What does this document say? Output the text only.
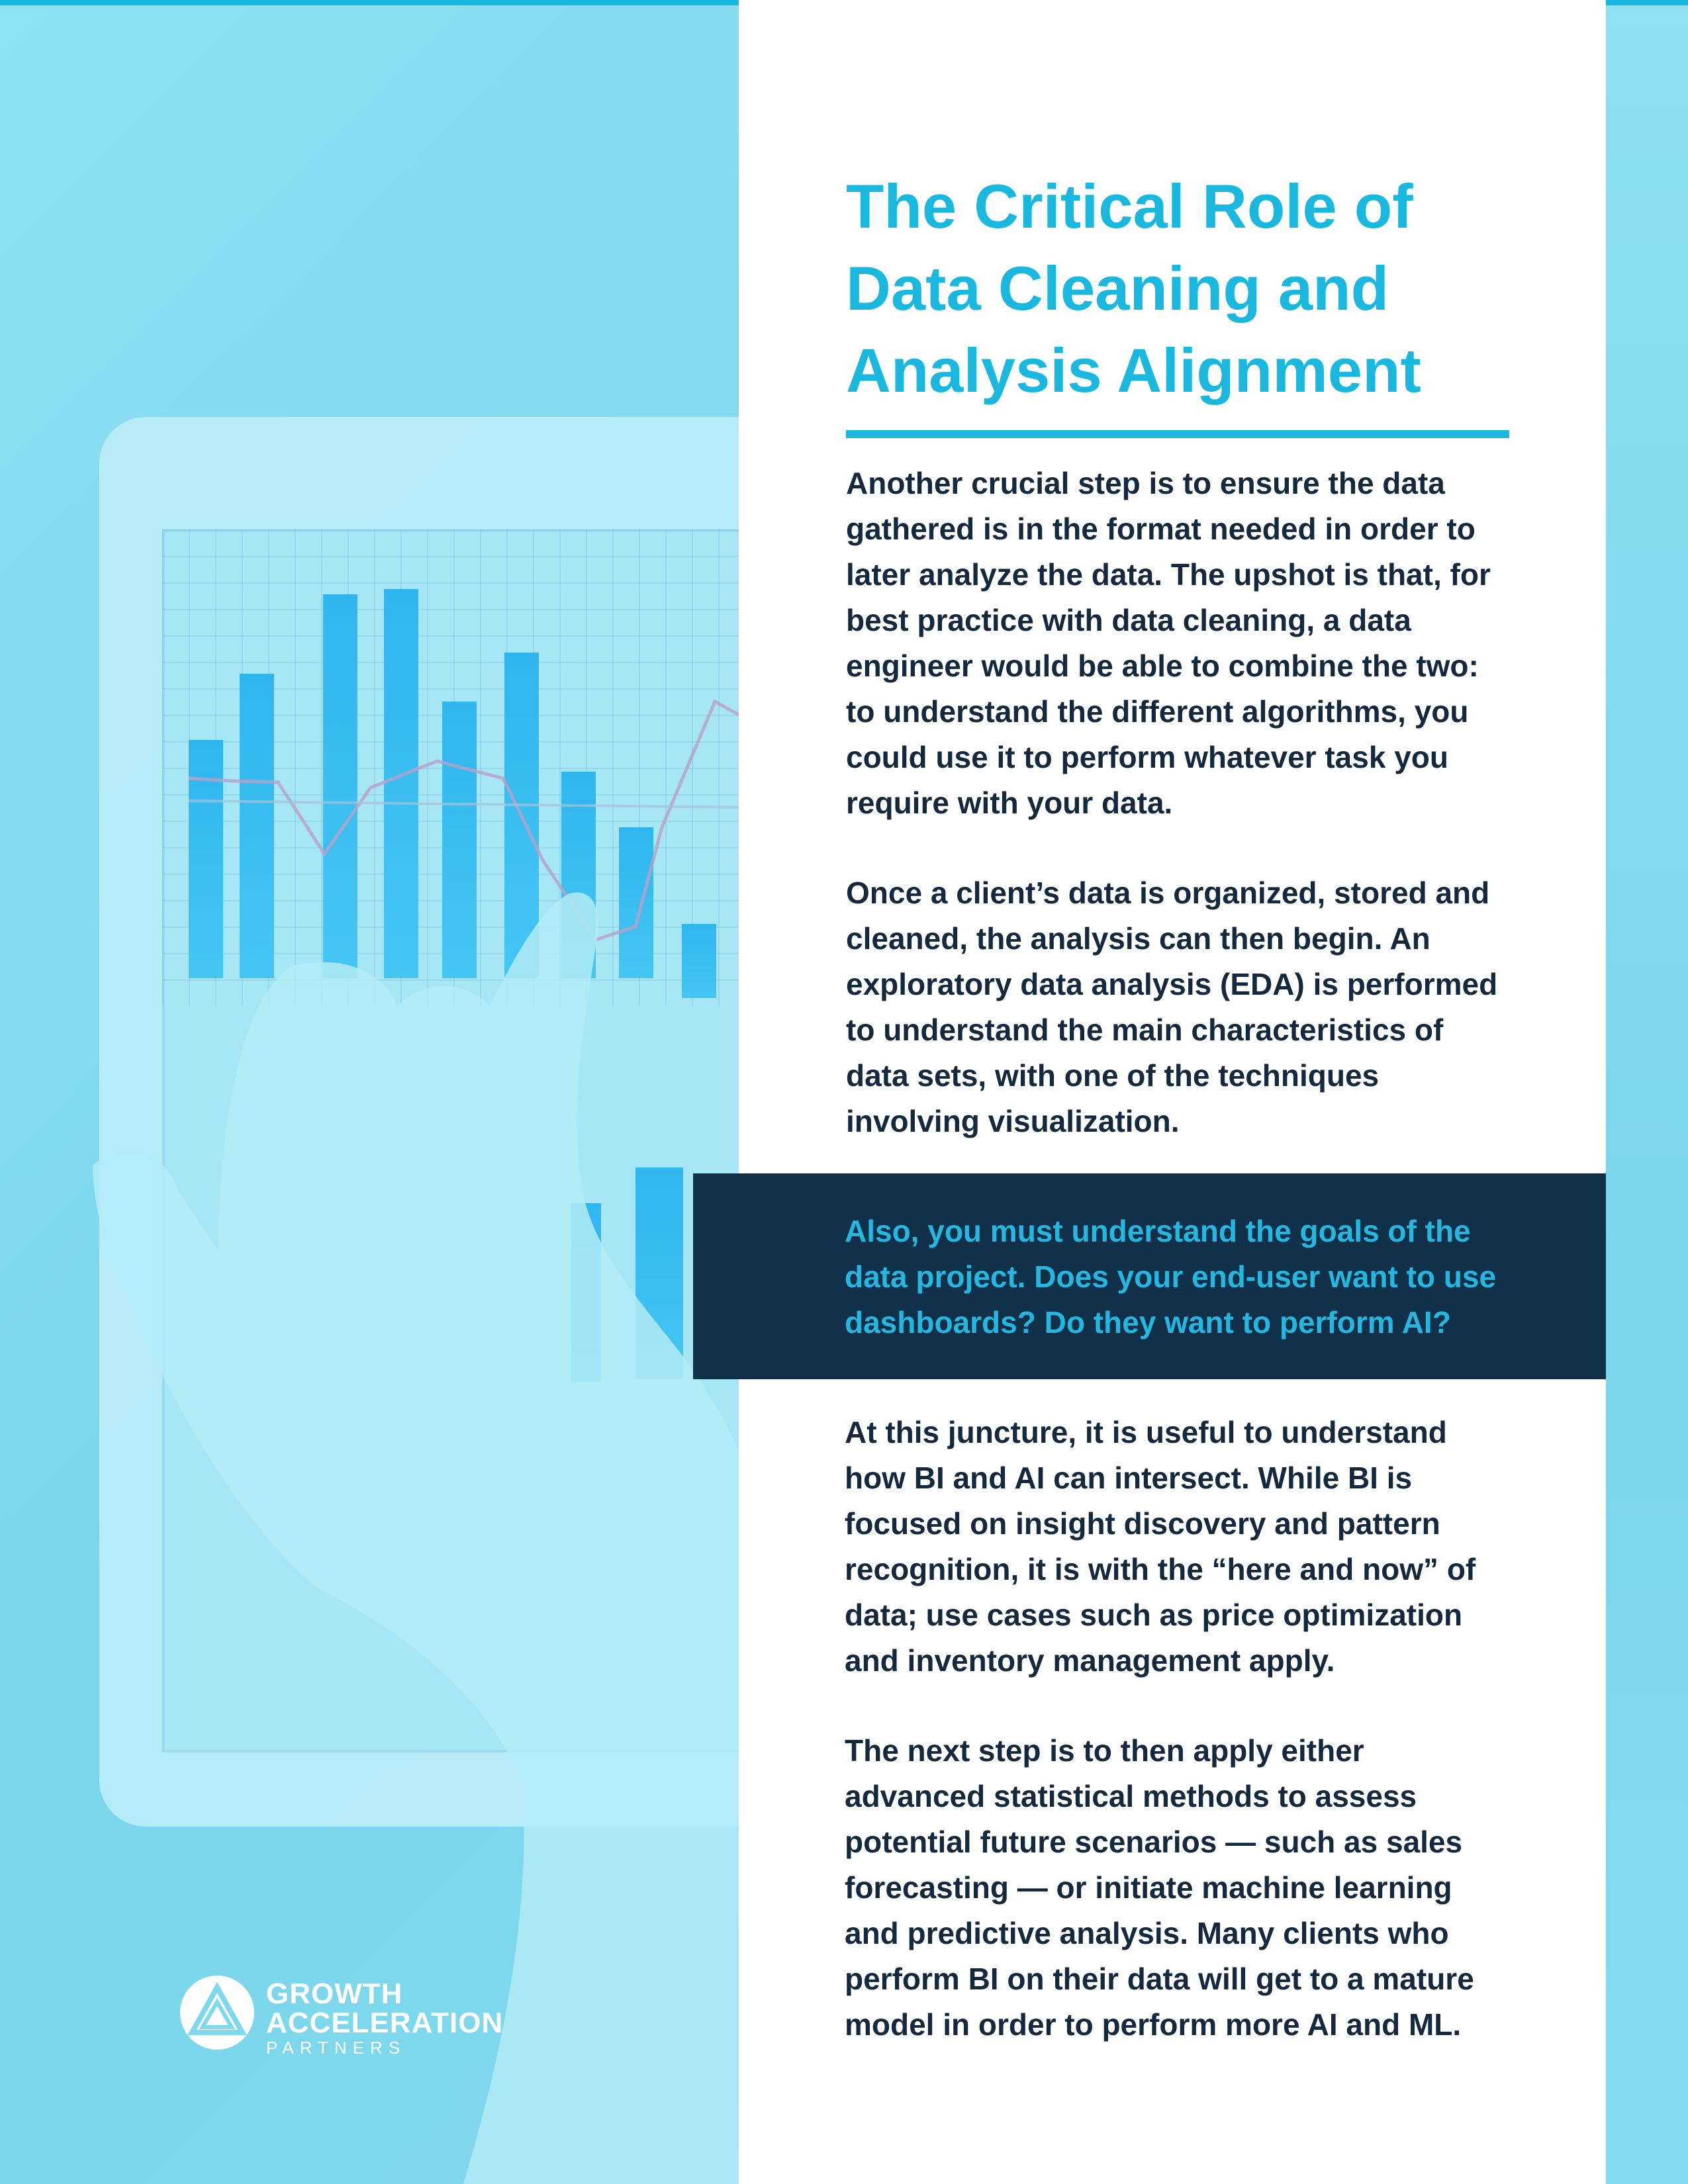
GROWTH
ACCELERATION
PARTNERS
The Critical Role of
Data Cleaning and
Analysis Alignment
Another crucial step is to ensure the data
gathered is in the format needed in order to
later analyze the data. The upshot is that, for
best practice with data cleaning, a data
engineer would be able to combine the two:
to understand the different algorithms, you
could use it to perform whatever task you
require with your data.
Once a client’s data is organized, stored and
cleaned, the analysis can then begin. An
exploratory data analysis (EDA) is performed
to understand the main characteristics of
data sets, with one of the techniques
involving visualization.
Also, you must understand the goals of the
data project. Does your end-user want to use
dashboards? Do they want to perform AI?
At this juncture, it is useful to understand
how BI and AI can intersect. While BI is
focused on insight discovery and pattern
recognition, it is with the “here and now” of
data; use cases such as price optimization
and inventory management apply.
The next step is to then apply either
advanced statistical methods to assess
potential future scenarios — such as sales
forecasting — or initiate machine learning
and predictive analysis. Many clients who
perform BI on their data will get to a mature
model in order to perform more AI and ML.
